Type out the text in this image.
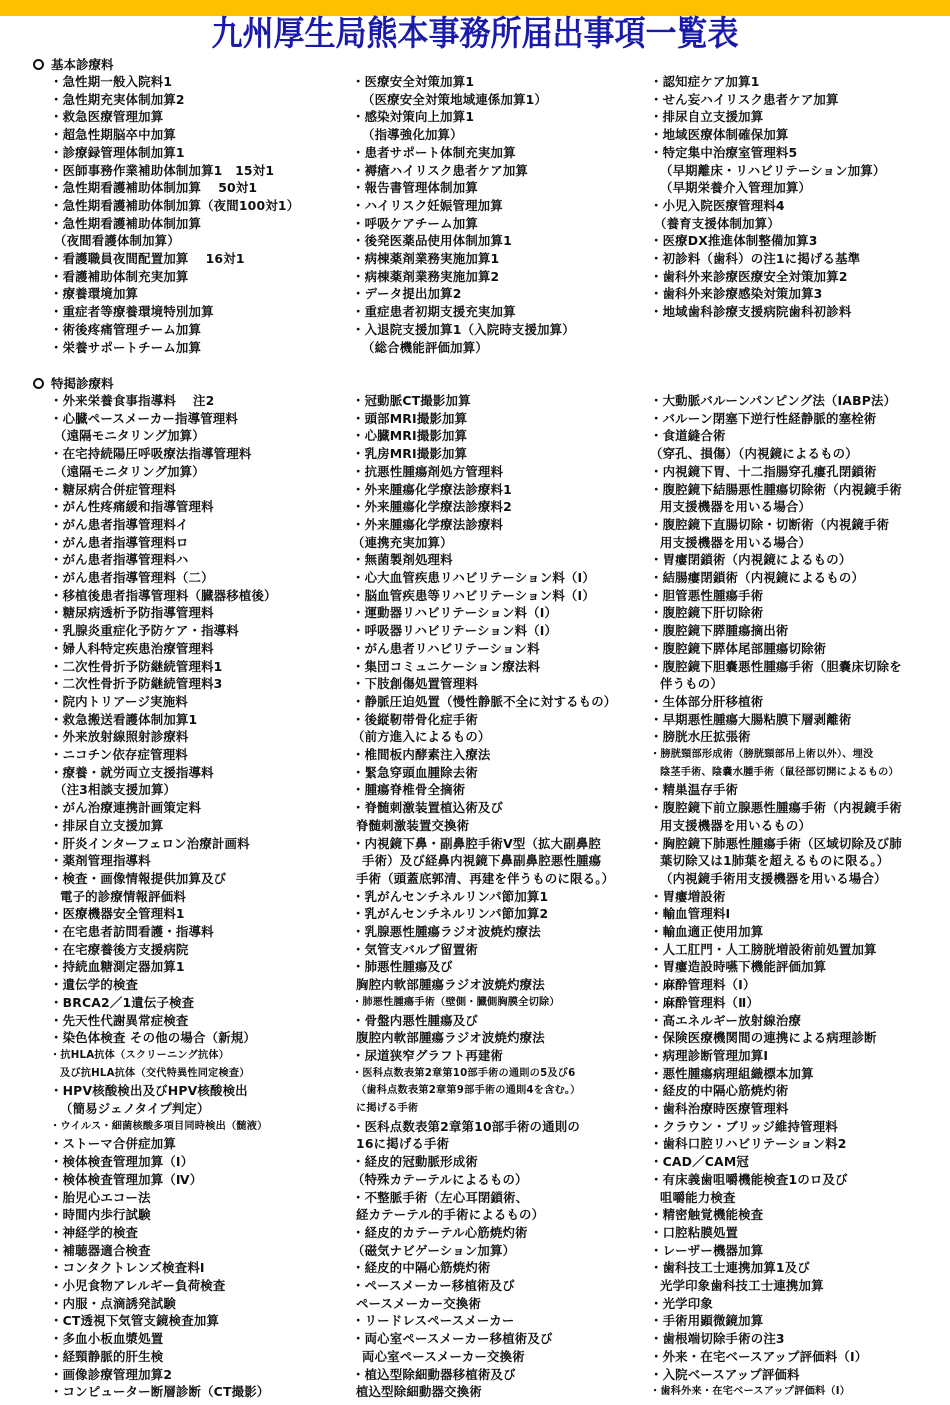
九州厚生局熊本事務所届出事項一覧表
基本診療料
・急性期一般入院料1
・急性期充実体制加算2
・救急医療管理加算
・超急性期脳卒中加算
・診療録管理体制加算1
・医師事務作業補助体制加算1　15対1
・急性期看護補助体制加算　 50対1
・急性期看護補助体制加算（夜間100対1）
・急性期看護補助体制加算
（夜間看護体制加算）
・看護職員夜間配置加算　 16対1
・看護補助体制充実加算
・療養環境加算
・重症者等療養環境特別加算
・術後疼痛管理チーム加算
・栄養サポートチーム加算
・医療安全対策加算1
（医療安全対策地域連係加算1）
・感染対策向上加算1
（指導強化加算）
・患者サポート体制充実加算
・褥瘡ハイリスク患者ケア加算
・報告書管理体制加算
・ハイリスク妊娠管理加算
・呼吸ケアチーム加算
・後発医薬品使用体制加算1
・病棟薬剤業務実施加算1
・病棟薬剤業務実施加算2
・データ提出加算2
・重症患者初期支援充実加算
・入退院支援加算1（入院時支援加算）
（総合機能評価加算）
・認知症ケア加算1
・せん妄ハイリスク患者ケア加算
・排尿自立支援加算
・地域医療体制確保加算
・特定集中治療室管理料5
（早期離床・リハビリテーション加算）
（早期栄養介入管理加算）
・小児入院医療管理料4
（養育支援体制加算）
・医療DX推進体制整備加算3
・初診料（歯科）の注1に掲げる基準
・歯科外来診療医療安全対策加算2
・歯科外来診療感染対策加算3
・地域歯科診療支援病院歯科初診料
特掲診療料
・外来栄養食事指導料　 注2
・心臓ペースメーカー指導管理料
（遠隔モニタリング加算）
・在宅持続陽圧呼吸療法指導管理料
（遠隔モニタリング加算）
・糖尿病合併症管理料
・がん性疼痛緩和指導管理料
・がん患者指導管理料イ
・がん患者指導管理料ロ
・がん患者指導管理料ハ
・がん患者指導管理料（二）
・移植後患者指導管理料（臓器移植後）
・糖尿病透析予防指導管理料
・乳腺炎重症化予防ケア・指導料
・婦人科特定疾患治療管理料
・二次性骨折予防継続管理料1
・二次性骨折予防継続管理料3
・院内トリアージ実施料
・救急搬送看護体制加算1
・外来放射線照射診療料
・ニコチン依存症管理料
・療養・就労両立支援指導料
（注3相談支援加算）
・がん治療連携計画策定料
・排尿自立支援加算
・肝炎インターフェロン治療計画料
・薬剤管理指導料
・検査・画像情報提供加算及び
電子的診療情報評価料
・医療機器安全管理料1
・在宅患者訪問看護・指導料
・在宅療養後方支援病院
・持続血糖測定器加算1
・遺伝学的検査
・BRCA2／1遺伝子検査
・先天性代謝異常症検査
・染色体検査 その他の場合（新規）
・抗HLA抗体（スクリーニング抗体）
及び抗HLA抗体（交代特異性同定検査）
・HPV核酸検出及びHPV核酸検出
（簡易ジェノタイプ判定）
・ウイルス・細菌核酸多項目同時検出（髄液）
・ストーマ合併症加算
・検体検査管理加算（Ⅰ）
・検体検査管理加算（Ⅳ）
・胎児心エコー法
・時間内歩行試験
・神経学的検査
・補聴器適合検査
・コンタクトレンズ検査料Ⅰ
・小児食物アレルギー負荷検査
・内服・点滴誘発試験
・CT透視下気管支鏡検査加算
・多血小板血漿処置
・経頸静脈的肝生検
・画像診療管理加算2
・コンピューター断層診断（CT撮影）
・冠動脈CT撮影加算
・頭部MRI撮影加算
・心臓MRI撮影加算
・乳房MRI撮影加算
・抗悪性腫瘍剤処方管理料
・外来腫瘍化学療法診療料1
・外来腫瘍化学療法診療料2
・外来腫瘍化学療法診療料
（連携充実加算）
・無菌製剤処理料
・心大血管疾患リハビリテーション料（Ⅰ）
・脳血管疾患等リハビリテーション料（Ⅰ）
・運動器リハビリテーション料（Ⅰ）
・呼吸器リハビリテーション料（Ⅰ）
・がん患者リハビリテーション料
・集団コミュニケーション療法料
・下肢創傷処置管理料
・静脈圧迫処置（慢性静脈不全に対するもの）
・後縦靭帯骨化症手術
（前方進入によるもの）
・椎間板内酵素注入療法
・緊急穿頭血腫除去術
・腫瘍脊椎骨全摘術
・脊髄刺激装置植込術及び
脊髄刺激装置交換術
・内視鏡下鼻・副鼻腔手術Ⅴ型（拡大副鼻腔
手術）及び経鼻内視鏡下鼻副鼻腔悪性腫瘍
手術（頭蓋底郭清、再建を伴うものに限る。）
・乳がんセンチネルリンパ節加算1
・乳がんセンチネルリンパ節加算2
・乳腺悪性腫瘍ラジオ波焼灼療法
・気管支バルブ留置術
・肺悪性腫瘍及び
胸腔内軟部腫瘍ラジオ波焼灼療法
・肺悪性腫瘍手術（壁側・臓側胸膜全切除）
・骨盤内悪性腫瘍及び
腹腔内軟部腫瘍ラジオ波焼灼療法
・尿道狭窄グラフト再建術
・医科点数表第2章第10部手術の通則の5及び6
（歯科点数表第2章第9部手術の通則4を含む。）
に掲げる手術
・医科点数表第2章第10部手術の通則の
16に掲げる手術
・経皮的冠動脈形成術
（特殊カテーテルによるもの）
・不整脈手術（左心耳閉鎖術、
経カテーテル的手術によるもの）
・経皮的カテーテル心筋焼灼術
（磁気ナビゲーション加算）
・経皮的中隔心筋焼灼術
・ペースメーカー移植術及び
ペースメーカー交換術
・リードレスペースメーカー
・両心室ペースメーカー移植術及び
両心室ペースメーカー交換術
・植込型除細動器移植術及び
植込型除細動器交換術
・大動脈バルーンパンピング法（IABP法）
・バルーン閉塞下逆行性経静脈的塞栓術
・食道縫合術
（穿孔、損傷）（内視鏡によるもの）
・内視鏡下胃、十二指腸穿孔瘻孔閉鎖術
・腹腔鏡下結腸悪性腫瘍切除術（内視鏡手術
用支援機器を用いる場合）
・腹腔鏡下直腸切除・切断術（内視鏡手術
用支援機器を用いる場合）
・胃瘻閉鎖術（内視鏡によるもの）
・結腸瘻閉鎖術（内視鏡によるもの）
・胆管悪性腫瘍手術
・腹腔鏡下肝切除術
・腹腔鏡下膵腫瘍摘出術
・腹腔鏡下膵体尾部腫瘍切除術
・腹腔鏡下胆嚢悪性腫瘍手術（胆嚢床切除を
伴うもの）
・生体部分肝移植術
・早期悪性腫瘍大腸粘膜下層剥離術
・膀胱水圧拡張術
・膀胱頸部形成術（膀胱頸部吊上術以外）、埋没
陰茎手術、陰嚢水腫手術（鼠径部切開によるもの）
・精巣温存手術
・腹腔鏡下前立腺悪性腫瘍手術（内視鏡手術
用支援機器を用いるもの）
・胸腔鏡下肺悪性腫瘍手術（区域切除及び肺
葉切除又は1肺葉を超えるものに限る。）
（内視鏡手術用支援機器を用いる場合）
・胃瘻増設術
・輸血管理料Ⅰ
・輸血適正使用加算
・人工肛門・人工膀胱増設術前処置加算
・胃瘻造設時嚥下機能評価加算
・麻酔管理料（Ⅰ）
・麻酔管理料（Ⅱ）
・高エネルギー放射線治療
・保険医療機関間の連携による病理診断
・病理診断管理加算Ⅰ
・悪性腫瘍病理組織標本加算
・経皮的中隔心筋焼灼術
・歯科治療時医療管理料
・クラウン・ブリッジ維持管理料
・歯科口腔リハビリテーション料2
・CAD／CAM冠
・有床義歯咀嚼機能検査1のロ及び
咀嚼能力検査
・精密触覚機能検査
・口腔粘膜処置
・レーザー機器加算
・歯科技工士連携加算1及び
光学印象歯科技工士連携加算
・光学印象
・手術用顕微鏡加算
・歯根端切除手術の注3
・外来・在宅ベースアップ評価料（Ⅰ）
・入院ベースアップ評価料
・歯科外来・在宅ベースアップ評価料（Ⅰ）
